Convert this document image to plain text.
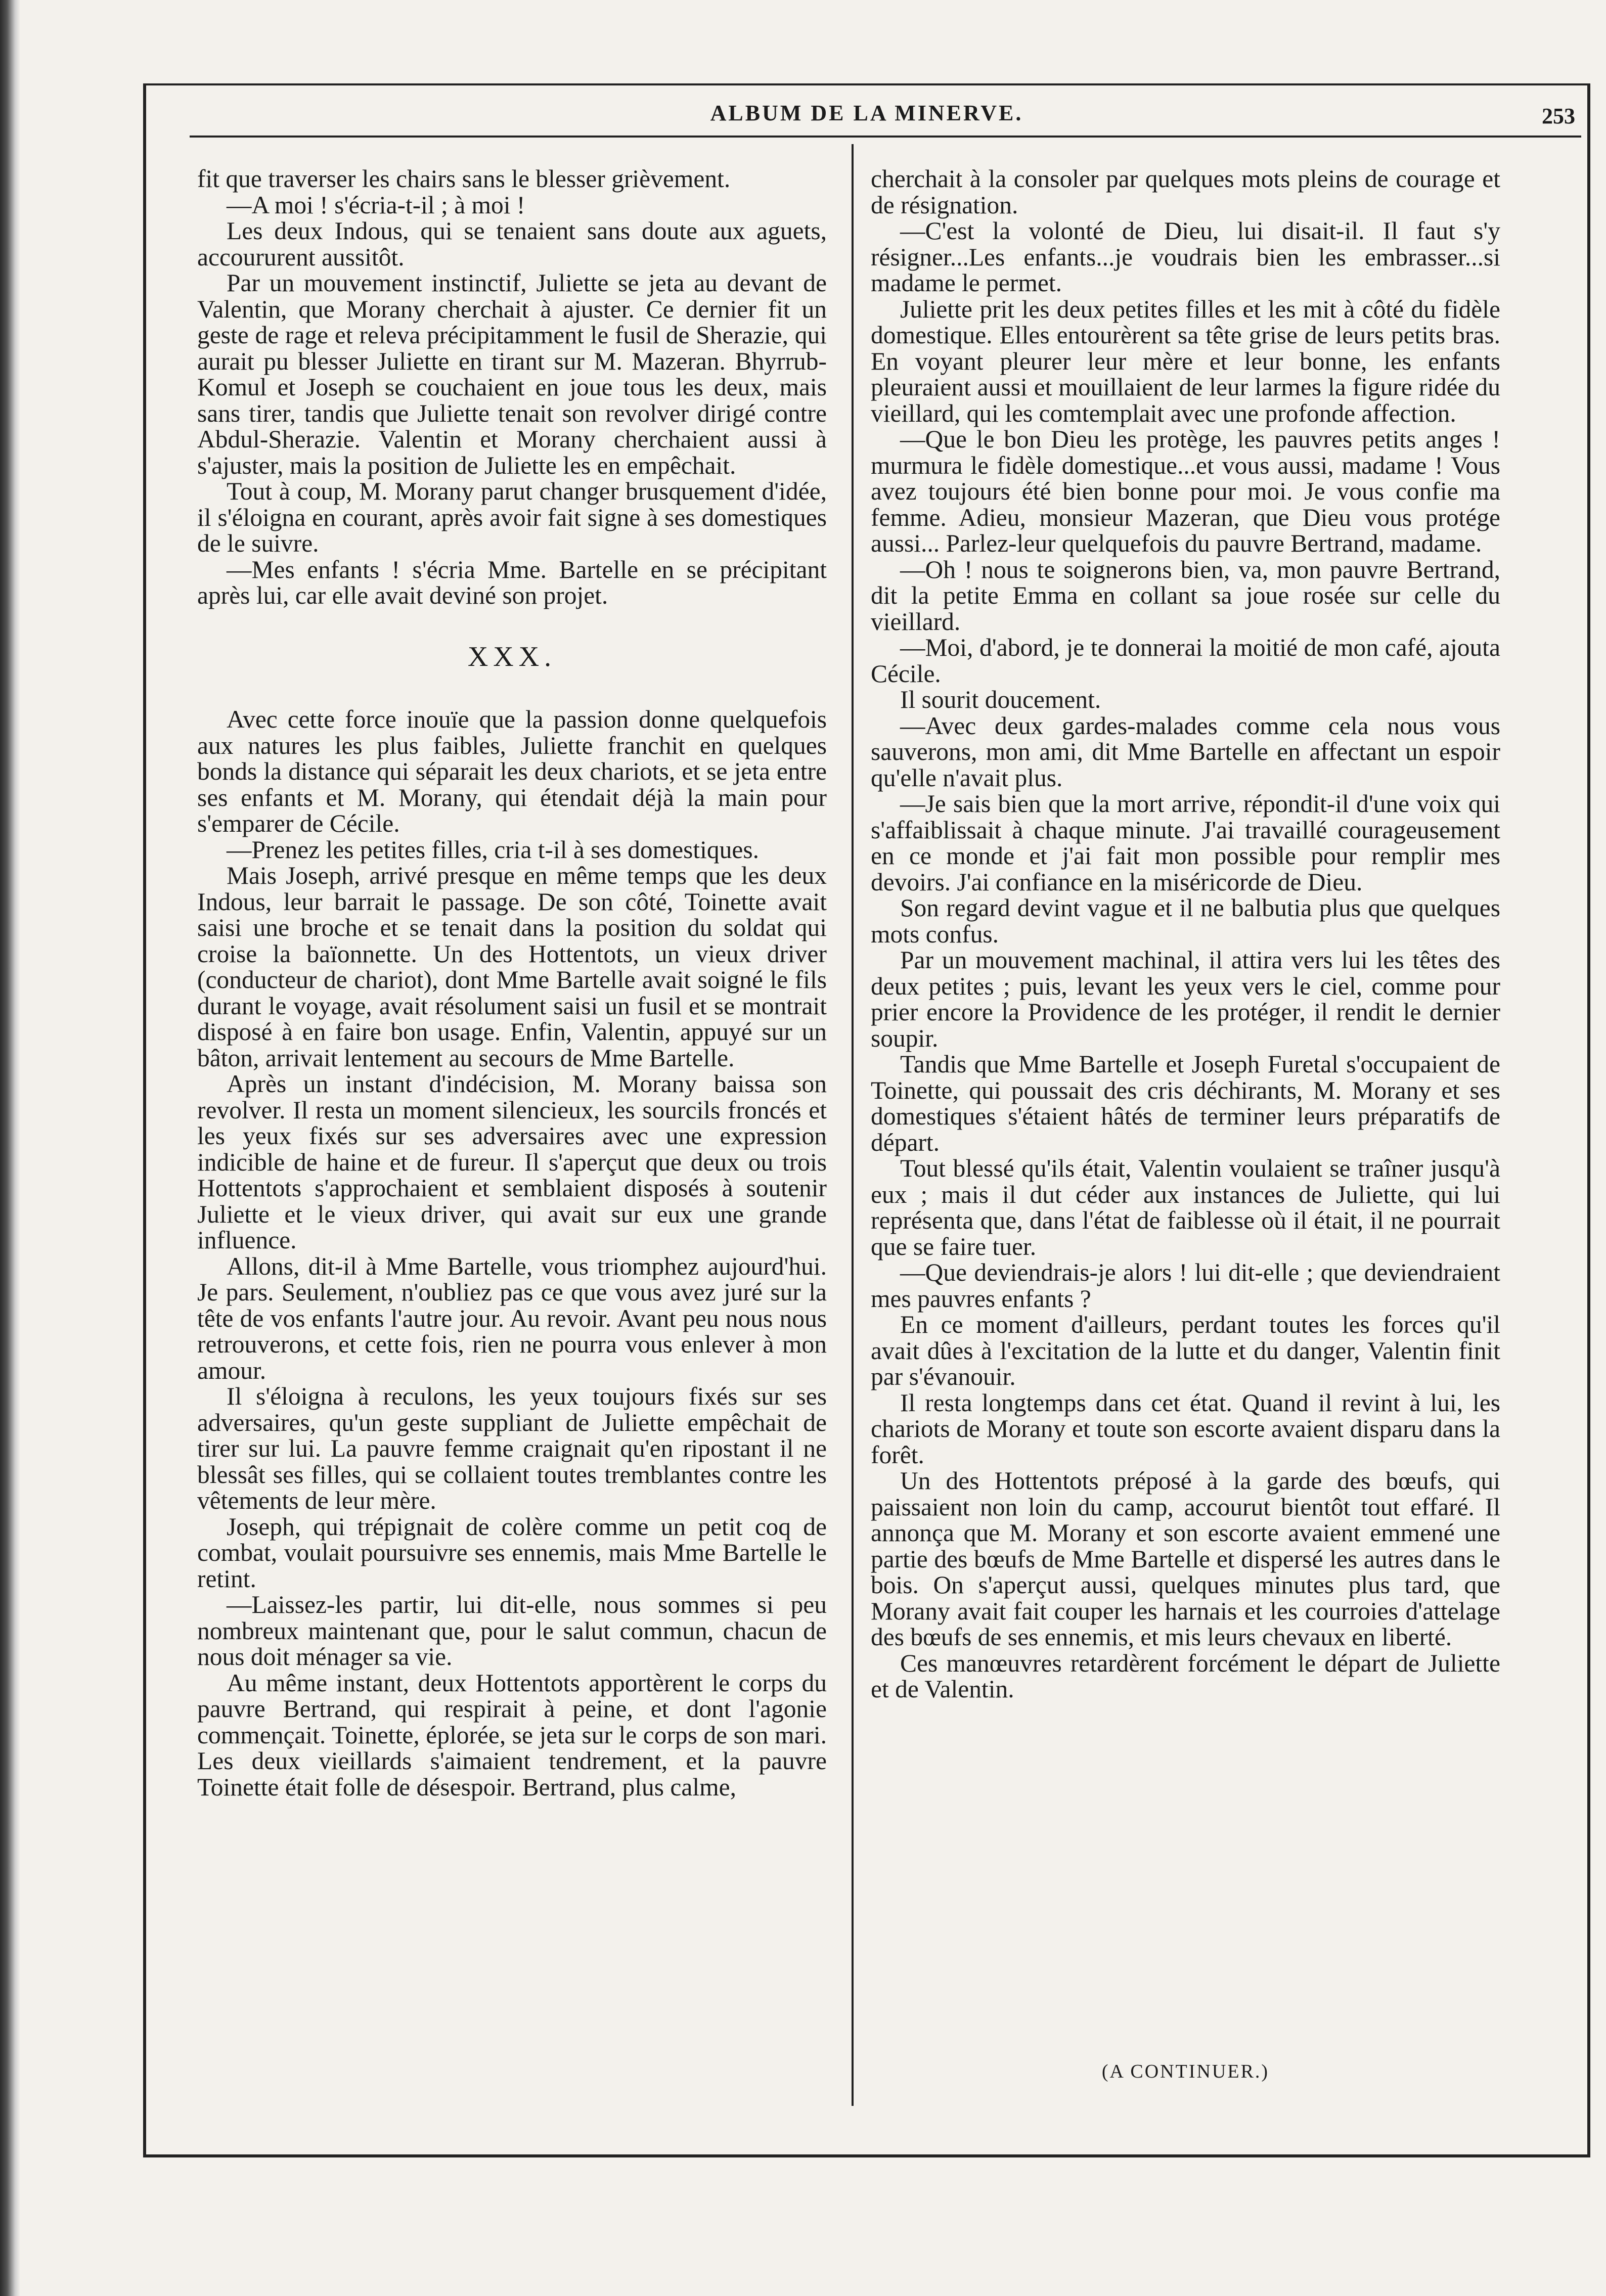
ALBUM DE LA MINERVE.	253

fit que traverser les chairs sans le blesser grièvement.

—A moi ! s'écria-t-il ; à moi !

Les deux Indous, qui se tenaient sans doute aux aguets, accoururent aussitôt.

Par un mouvement instinctif, Juliette se jeta au devant de Valentin, que Morany cherchait à ajuster. Ce dernier fit un geste de rage et releva précipitamment le fusil de Sherazie, qui aurait pu blesser Juliette en tirant sur M. Mazeran. Bhyrrub-Komul et Joseph se couchaient en joue tous les deux, mais sans tirer, tandis que Juliette tenait son revolver dirigé contre Abdul-Sherazie. Valentin et Morany cherchaient aussi à s'ajuster, mais la position de Juliette les en empêchait.

Tout à coup, M. Morany parut changer brusquement d'idée, il s'éloigna en courant, après avoir fait signe à ses domestiques de le suivre.

—Mes enfants ! s'écria Mme. Bartelle en se précipitant après lui, car elle avait deviné son projet.

XXX.

Avec cette force inouïe que la passion donne quelquefois aux natures les plus faibles, Juliette franchit en quelques bonds la distance qui séparait les deux chariots, et se jeta entre ses enfants et M. Morany, qui étendait déjà la main pour s'emparer de Cécile.

—Prenez les petites filles, cria t-il à ses domestiques.

Mais Joseph, arrivé presque en même temps que les deux Indous, leur barrait le passage. De son côté, Toinette avait saisi une broche et se tenait dans la position du soldat qui croise la baïonnette. Un des Hottentots, un vieux driver (conducteur de chariot), dont Mme Bartelle avait soigné le fils durant le voyage, avait résolument saisi un fusil et se montrait disposé à en faire bon usage. Enfin, Valentin, appuyé sur un bâton, arrivait lentement au secours de Mme Bartelle.

Après un instant d'indécision, M. Morany baissa son revolver. Il resta un moment silencieux, les sourcils froncés et les yeux fixés sur ses adversaires avec une expression indicible de haine et de fureur. Il s'aperçut que deux ou trois Hottentots s'approchaient et semblaient disposés à soutenir Juliette et le vieux driver, qui avait sur eux une grande influence.

Allons, dit-il à Mme Bartelle, vous triomphez aujourd'hui. Je pars. Seulement, n'oubliez pas ce que vous avez juré sur la tête de vos enfants l'autre jour. Au revoir. Avant peu nous nous retrouverons, et cette fois, rien ne pourra vous enlever à mon amour.

Il s'éloigna à reculons, les yeux toujours fixés sur ses adversaires, qu'un geste suppliant de Juliette empêchait de tirer sur lui. La pauvre femme craignait qu'en ripostant il ne blessât ses filles, qui se collaient toutes tremblantes contre les vêtements de leur mère.

Joseph, qui trépignait de colère comme un petit coq de combat, voulait poursuivre ses ennemis, mais Mme Bartelle le retint.

—Laissez-les partir, lui dit-elle, nous sommes si peu nombreux maintenant que, pour le salut commun, chacun de nous doit ménager sa vie.

Au même instant, deux Hottentots apportèrent le corps du pauvre Bertrand, qui respirait à peine, et dont l'agonie commençait. Toinette, éplorée, se jeta sur le corps de son mari. Les deux vieillards s'aimaient tendrement, et la pauvre Toinette était folle de désespoir. Bertrand, plus calme,

cherchait à la consoler par quelques mots pleins de courage et de résignation.

—C'est la volonté de Dieu, lui disait-il. Il faut s'y résigner...Les enfants...je voudrais bien les embrasser...si madame le permet.

Juliette prit les deux petites filles et les mit à côté du fidèle domestique. Elles entourèrent sa tête grise de leurs petits bras. En voyant pleurer leur mère et leur bonne, les enfants pleuraient aussi et mouillaient de leur larmes la figure ridée du vieillard, qui les comtemplait avec une profonde affection.

—Que le bon Dieu les protège, les pauvres petits anges ! murmura le fidèle domestique...et vous aussi, madame ! Vous avez toujours été bien bonne pour moi. Je vous confie ma femme. Adieu, monsieur Mazeran, que Dieu vous protége aussi... Parlez-leur quelquefois du pauvre Bertrand, madame.

—Oh ! nous te soignerons bien, va, mon pauvre Bertrand, dit la petite Emma en collant sa joue rosée sur celle du vieillard.

—Moi, d'abord, je te donnerai la moitié de mon café, ajouta Cécile.

Il sourit doucement.

—Avec deux gardes-malades comme cela nous vous sauverons, mon ami, dit Mme Bartelle en affectant un espoir qu'elle n'avait plus.

—Je sais bien que la mort arrive, répondit-il d'une voix qui s'affaiblissait à chaque minute. J'ai travaillé courageusement en ce monde et j'ai fait mon possible pour remplir mes devoirs. J'ai confiance en la miséricorde de Dieu.

Son regard devint vague et il ne balbutia plus que quelques mots confus.

Par un mouvement machinal, il attira vers lui les têtes des deux petites ; puis, levant les yeux vers le ciel, comme pour prier encore la Providence de les protéger, il rendit le dernier soupir.

Tandis que Mme Bartelle et Joseph Furetal s'occupaient de Toinette, qui poussait des cris déchirants, M. Morany et ses domestiques s'étaient hâtés de terminer leurs préparatifs de départ.

Tout blessé qu'ils était, Valentin voulaient se traîner jusqu'à eux ; mais il dut céder aux instances de Juliette, qui lui représenta que, dans l'état de faiblesse où il était, il ne pourrait que se faire tuer.

—Que deviendrais-je alors ! lui dit-elle ; que deviendraient mes pauvres enfants ?

En ce moment d'ailleurs, perdant toutes les forces qu'il avait dûes à l'excitation de la lutte et du danger, Valentin finit par s'évanouir.

Il resta longtemps dans cet état. Quand il revint à lui, les chariots de Morany et toute son escorte avaient disparu dans la forêt.

Un des Hottentots préposé à la garde des bœufs, qui paissaient non loin du camp, accourut bientôt tout effaré. Il annonça que M. Morany et son escorte avaient emmené une partie des bœufs de Mme Bartelle et dispersé les autres dans le bois. On s'aperçut aussi, quelques minutes plus tard, que Morany avait fait couper les harnais et les courroies d'attelage des bœufs de ses ennemis, et mis leurs chevaux en liberté.

Ces manœuvres retardèrent forcément le départ de Juliette et de Valentin.

(A CONTINUER.)
